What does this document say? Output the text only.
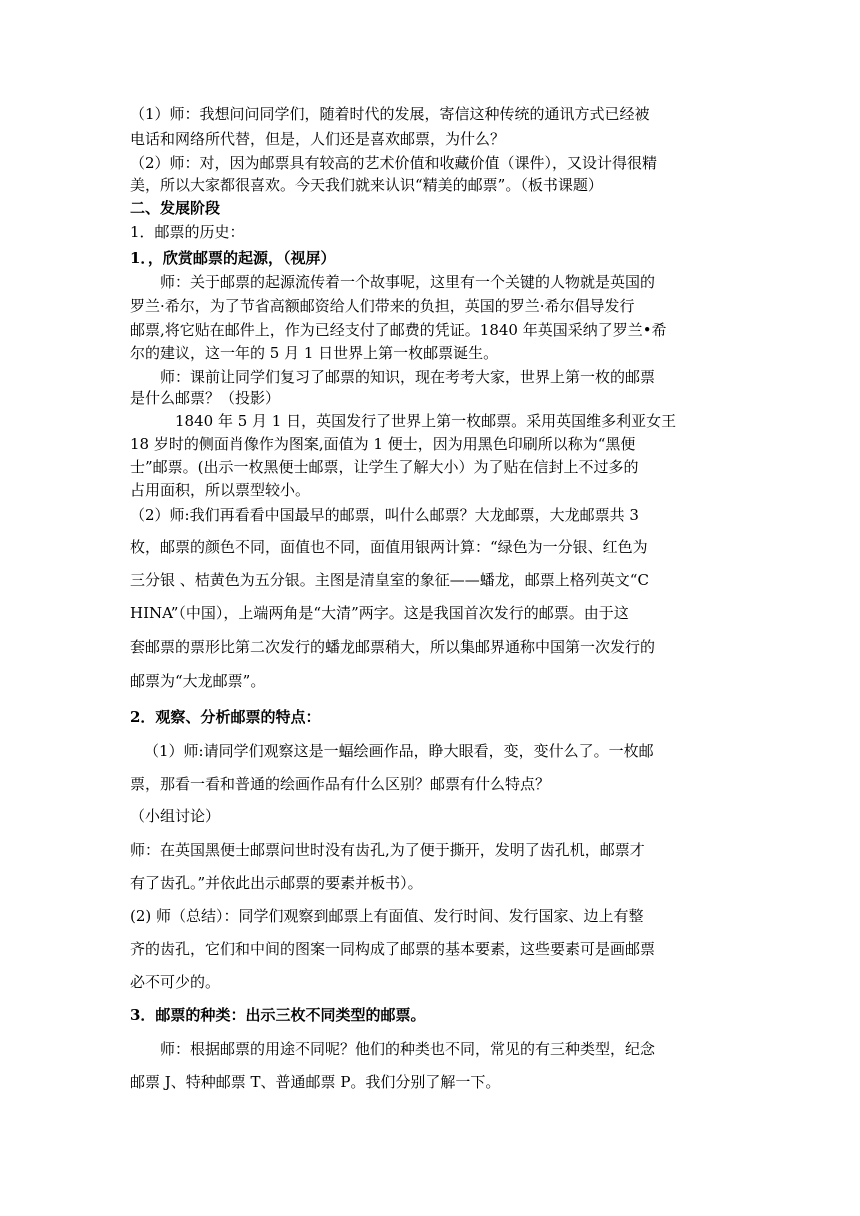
（1）师：我想问问同学们，随着时代的发展，寄信这种传统的通讯方式已经被
电话和网络所代替，但是，人们还是喜欢邮票，为什么？
（2）师：对，因为邮票具有较高的艺术价值和收藏价值（课件），又设计得很精
美，所以大家都很喜欢。今天我们就来认识“精美的邮票”。（板书课题）
二、发展阶段
1．邮票的历史：
1．，欣赏邮票的起源，（视屏）
师：关于邮票的起源流传着一个故事呢，这里有一个关键的人物就是英国的
罗兰·希尔，为了节省高额邮资给人们带来的负担，英国的罗兰·希尔倡导发行
邮票,将它贴在邮件上，作为已经支付了邮费的凭证。1840 年英国采纳了罗兰•希
尔的建议，这一年的 5 月 1 日世界上第一枚邮票诞生。
师：课前让同学们复习了邮票的知识，现在考考大家，世界上第一枚的邮票
是什么邮票？（投影）
1840 年 5 月 1 日，英国发行了世界上第一枚邮票。采用英国维多利亚女王
18 岁时的侧面肖像作为图案,面值为 1 便士，因为用黑色印刷所以称为“黑便
士”邮票。(出示一枚黑便士邮票，让学生了解大小）为了贴在信封上不过多的
占用面积，所以票型较小。
（2）师:我们再看看中国最早的邮票，叫什么邮票？大龙邮票，大龙邮票共 3
枚，邮票的颜色不同，面值也不同，面值用银两计算：“绿色为一分银、红色为
三分银 、桔黄色为五分银。主图是清皇室的象征——蟠龙，邮票上格列英文“C
HINA”（中国），上端两角是“大清”两字。这是我国首次发行的邮票。由于这
套邮票的票形比第二次发行的蟠龙邮票稍大，所以集邮界通称中国第一次发行的
邮票为“大龙邮票”。
2．观察、分析邮票的特点：
（1）师:请同学们观察这是一蝠绘画作品，睁大眼看，变，变什么了。一枚邮
票，那看一看和普通的绘画作品有什么区别？邮票有什么特点？
（小组讨论）
师：在英国黑便士邮票问世时没有齿孔,为了便于撕开，发明了齿孔机，邮票才
有了齿孔。”并依此出示邮票的要素并板书）。
(2) 师（总结）：同学们观察到邮票上有面值、发行时间、发行国家、边上有整
齐的齿孔，它们和中间的图案一同构成了邮票的基本要素，这些要素可是画邮票
必不可少的。
3．邮票的种类：出示三枚不同类型的邮票。
师：根据邮票的用途不同呢？他们的种类也不同，常见的有三种类型，纪念
邮票 J、特种邮票 T、普通邮票 P。我们分别了解一下。
